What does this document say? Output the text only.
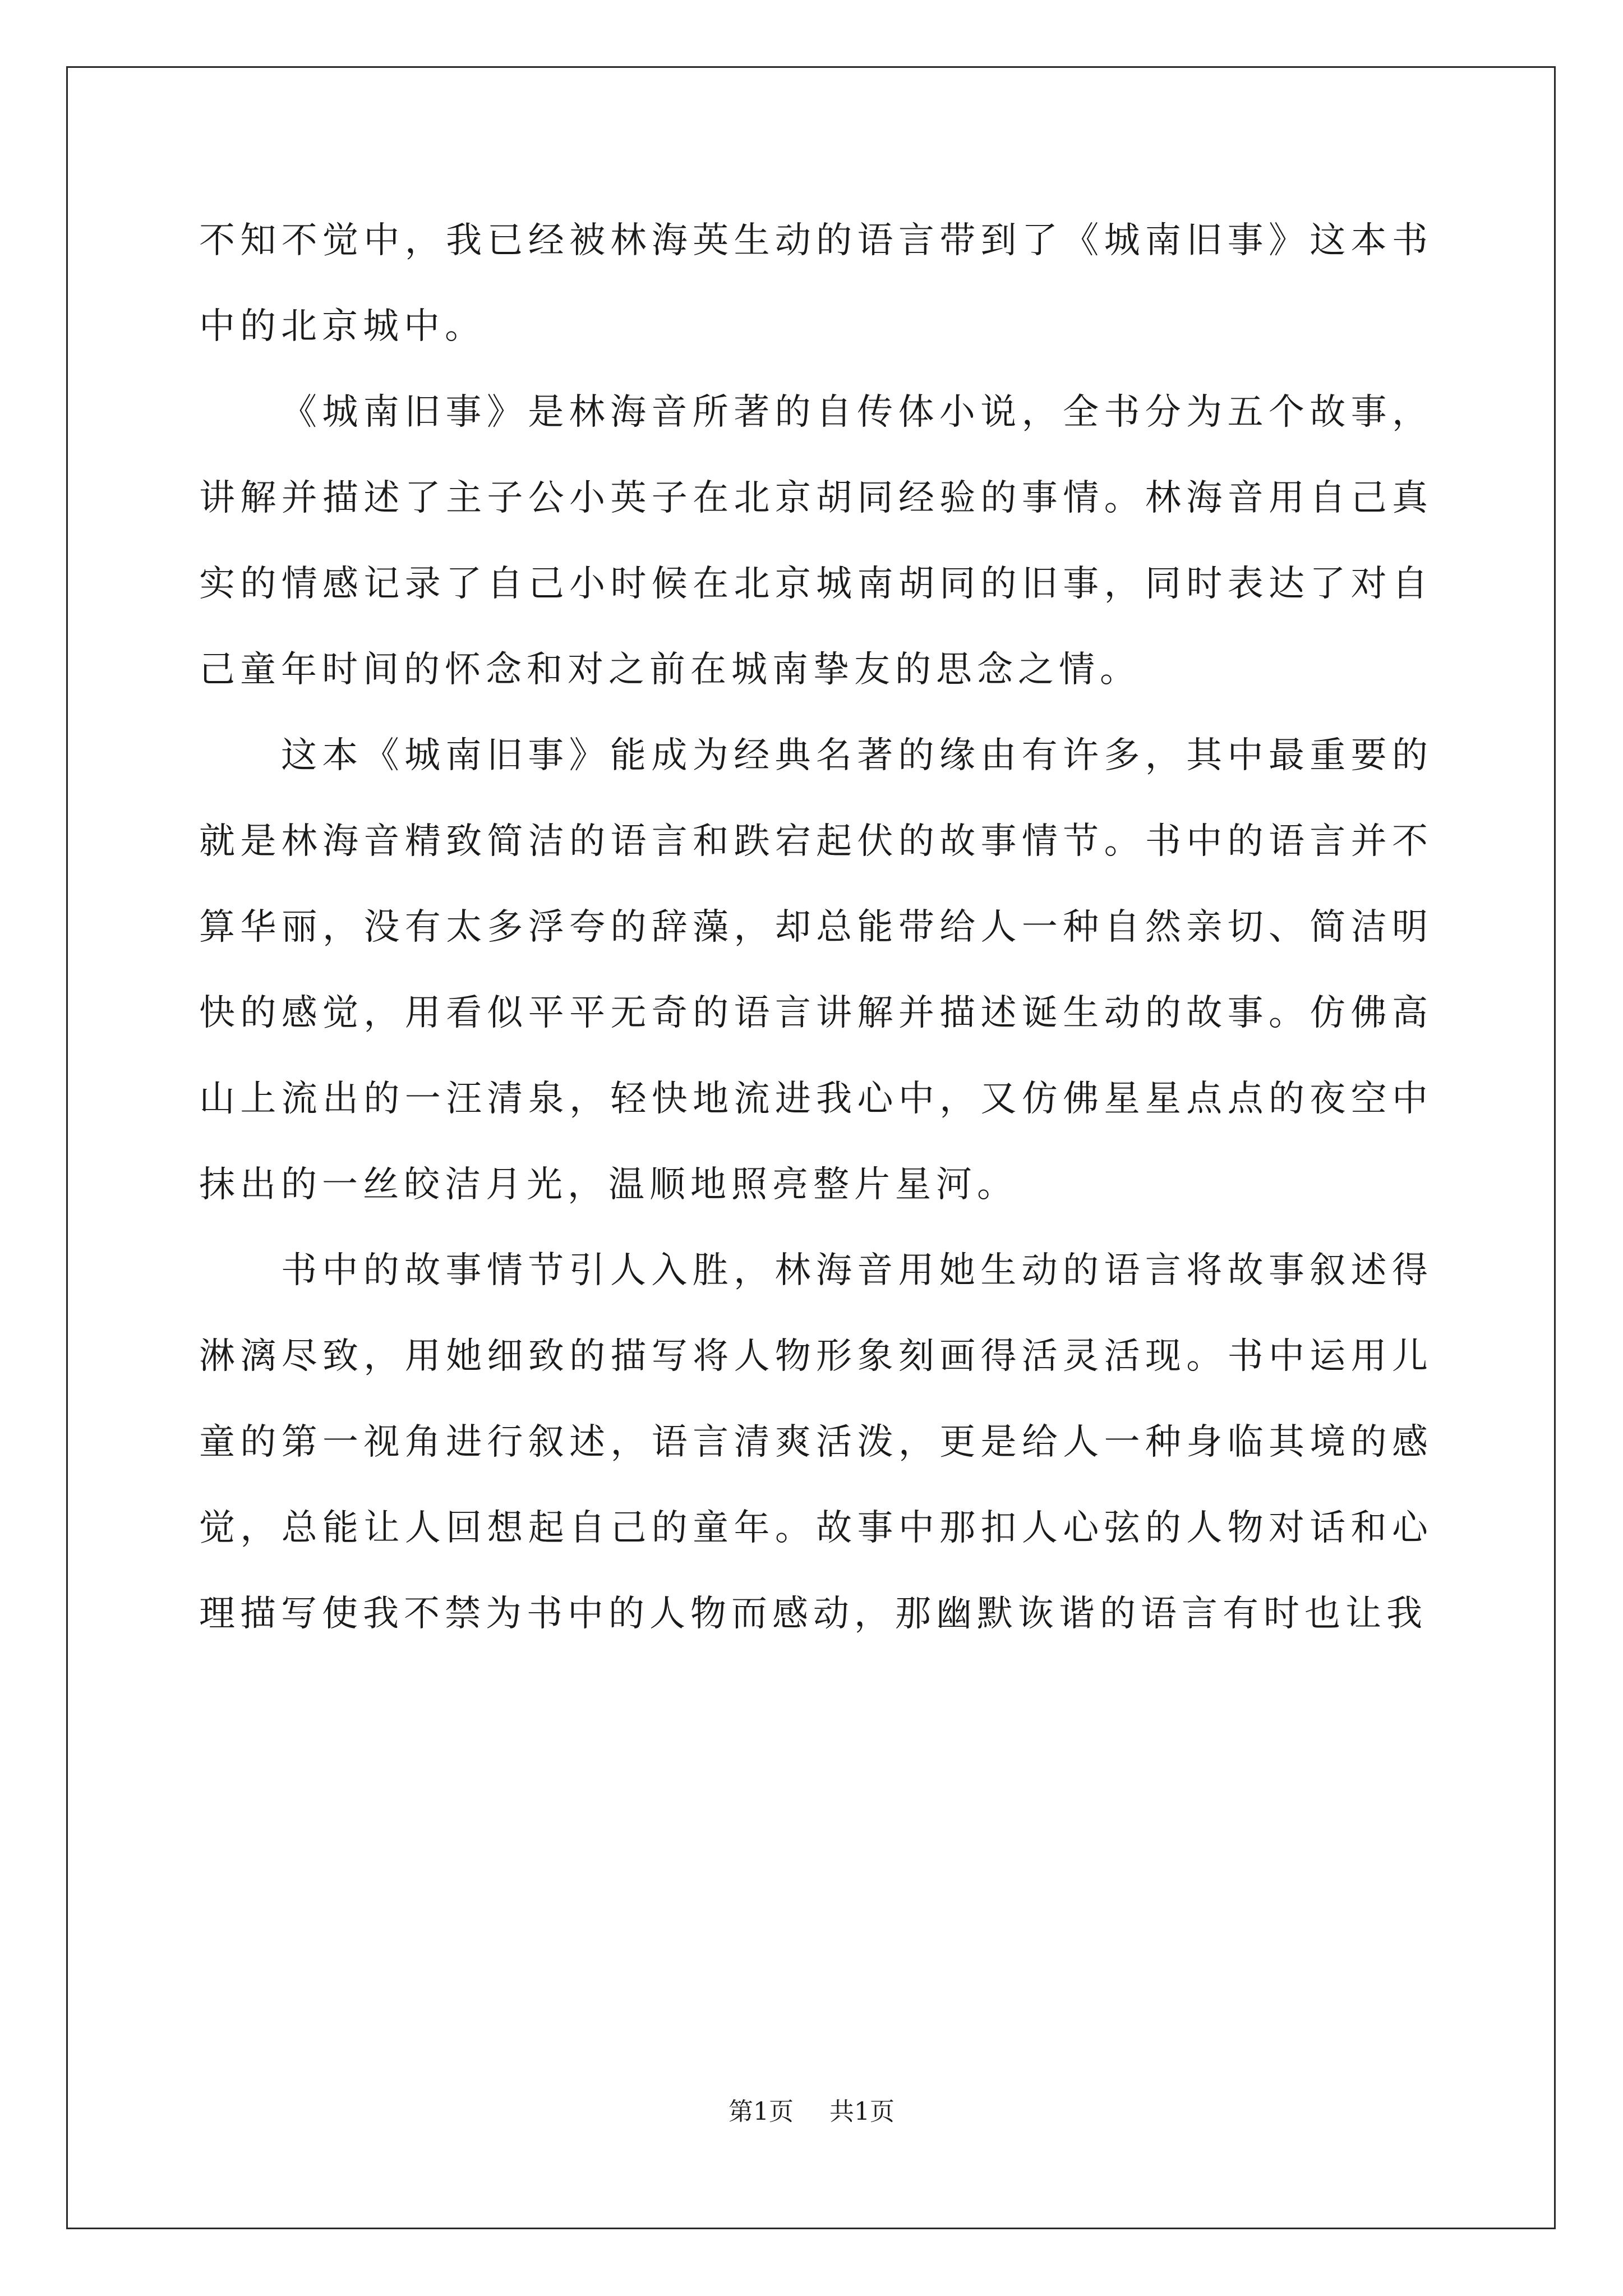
不知不觉中，我已经被林海英生动的语言带到了《城南旧事》这本书中的北京城中。

《城南旧事》是林海音所著的自传体小说，全书分为五个故事，讲解并描述了主子公小英子在北京胡同经验的事情。林海音用自己真实的情感记录了自己小时候在北京城南胡同的旧事，同时表达了对自己童年时间的怀念和对之前在城南挚友的思念之情。

这本《城南旧事》能成为经典名著的缘由有许多，其中最重要的就是林海音精致简洁的语言和跌宕起伏的故事情节。书中的语言并不算华丽，没有太多浮夸的辞藻，却总能带给人一种自然亲切、简洁明快的感觉，用看似平平无奇的语言讲解并描述诞生动的故事。仿佛高山上流出的一汪清泉，轻快地流进我心中，又仿佛星星点点的夜空中抹出的一丝皎洁月光，温顺地照亮整片星河。

书中的故事情节引人入胜，林海音用她生动的语言将故事叙述得淋漓尽致，用她细致的描写将人物形象刻画得活灵活现。书中运用儿童的第一视角进行叙述，语言清爽活泼，更是给人一种身临其境的感觉，总能让人回想起自己的童年。故事中那扣人心弦的人物对话和心理描写使我不禁为书中的人物而感动，那幽默诙谐的语言有时也让我

第1页 共1页
